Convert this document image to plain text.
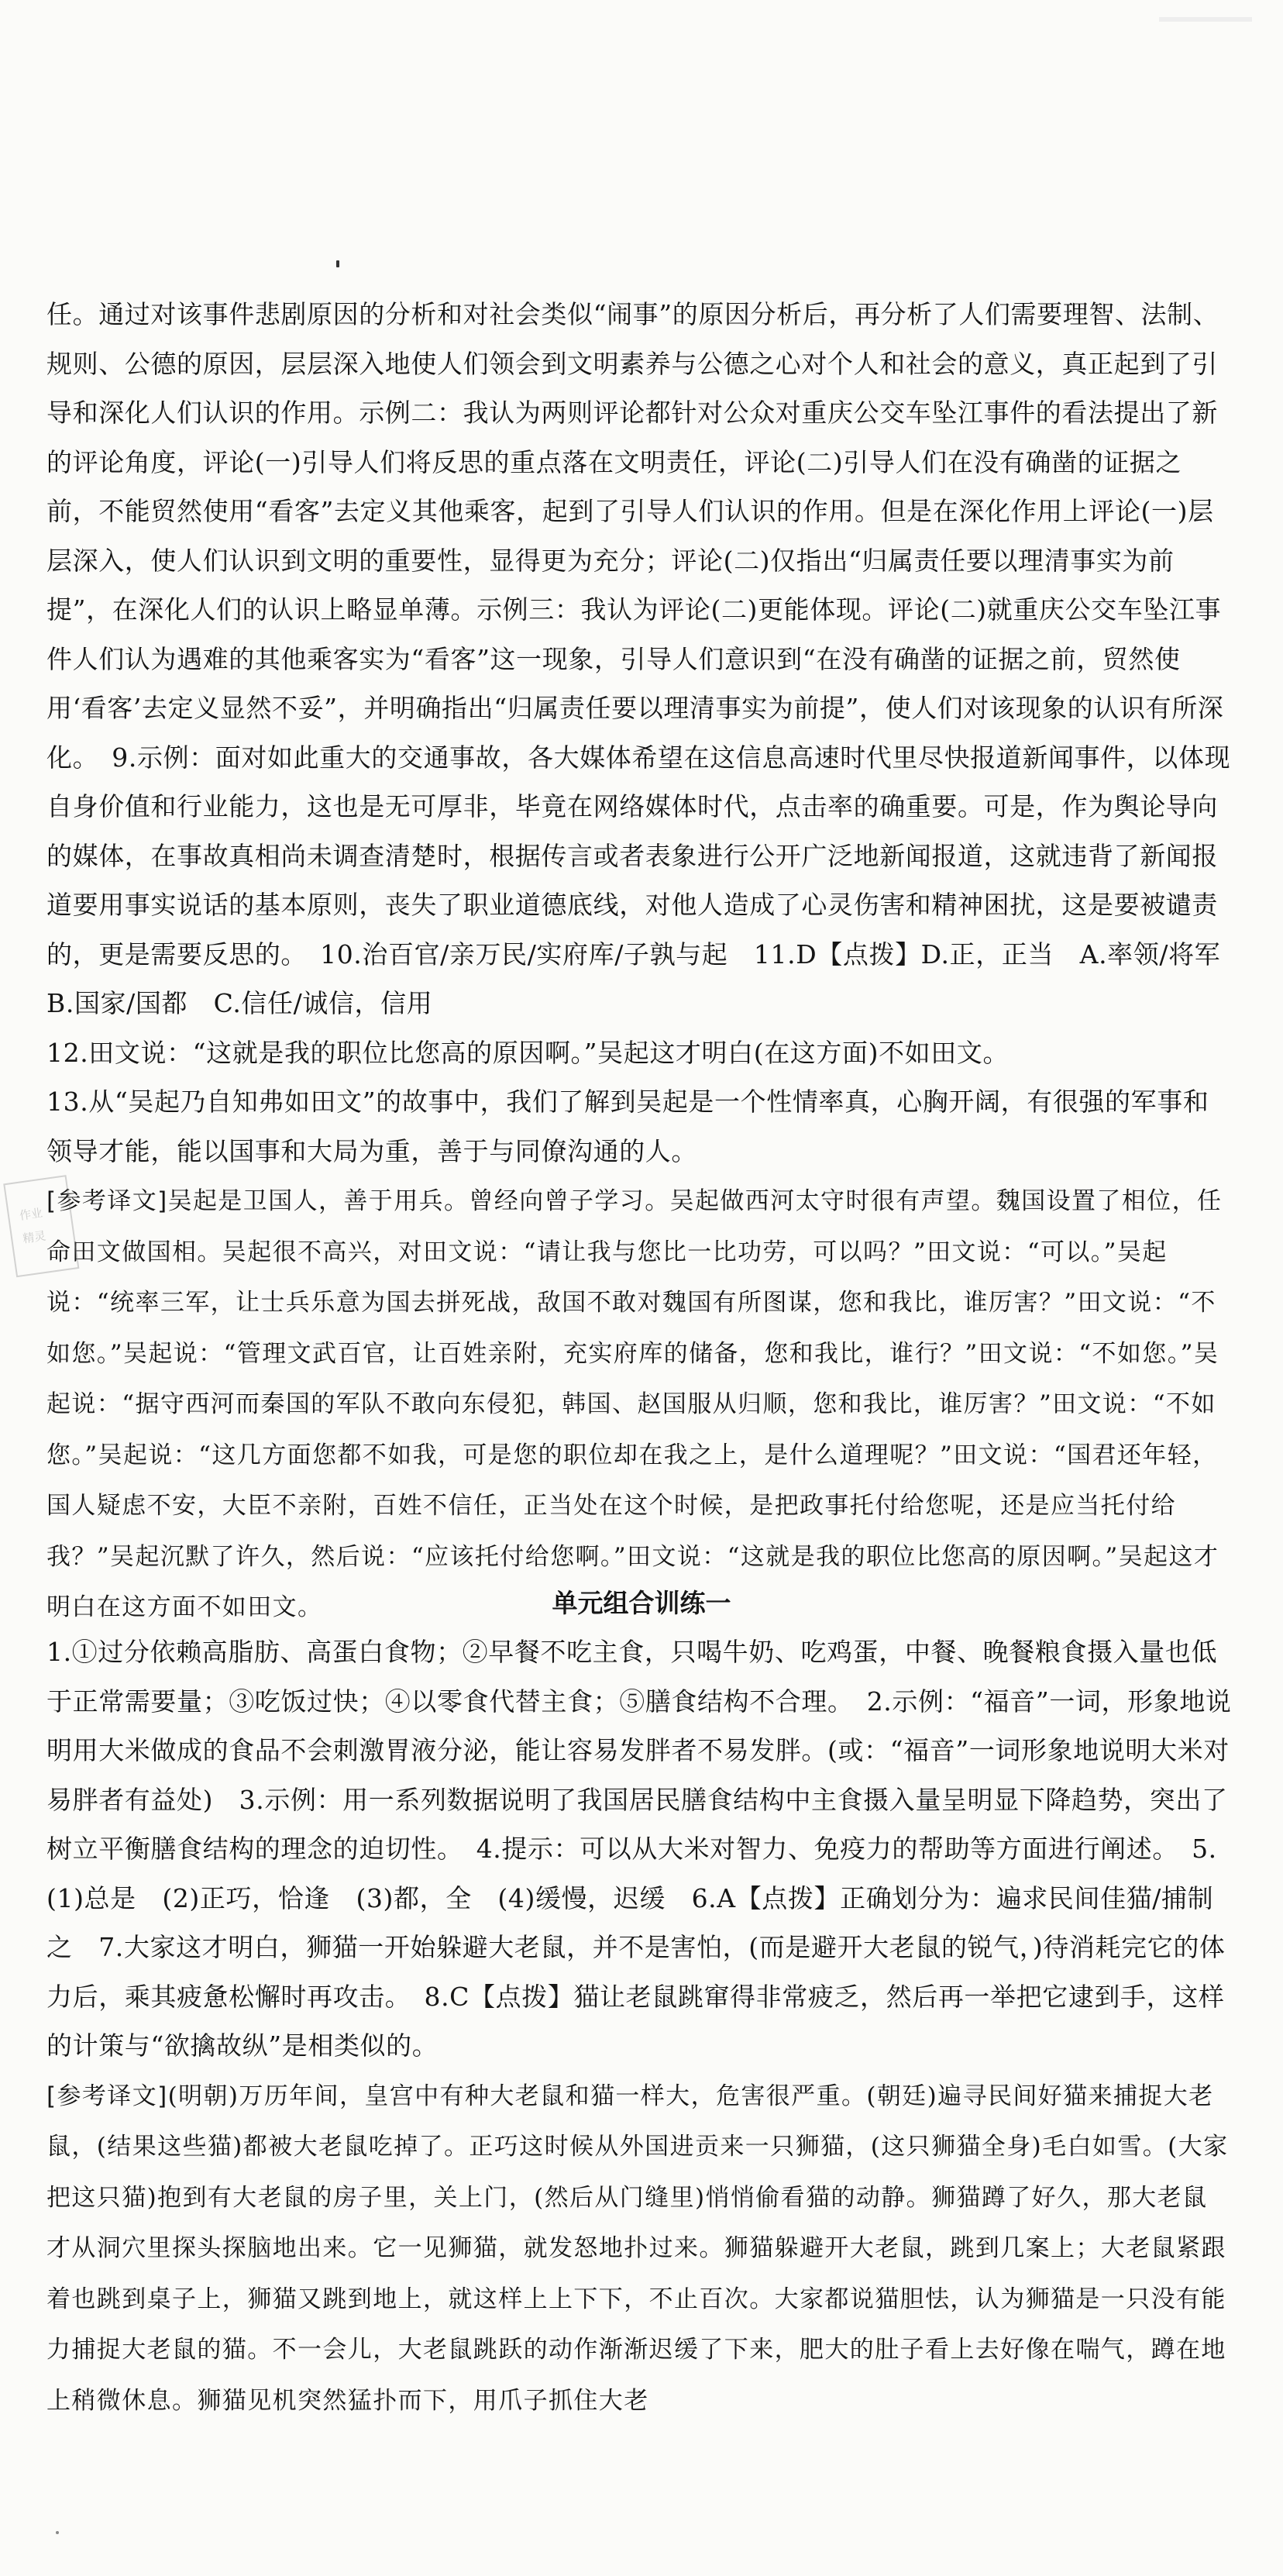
任。通过对该事件悲剧原因的分析和对社会类似“闹事”的原因分析后，再分析了人们需要理智、法制、规则、公德的原因，层层深入地使人们领会到文明素养与公德之心对个人和社会的意义，真正起到了引导和深化人们认识的作用。示例二：我认为两则评论都针对公众对重庆公交车坠江事件的看法提出了新的评论角度，评论(一)引导人们将反思的重点落在文明责任，评论(二)引导人们在没有确凿的证据之前，不能贸然使用“看客”去定义其他乘客，起到了引导人们认识的作用。但是在深化作用上评论(一)层层深入，使人们认识到文明的重要性，显得更为充分；评论(二)仅指出“归属责任要以理清事实为前提”，在深化人们的认识上略显单薄。示例三：我认为评论(二)更能体现。评论(二)就重庆公交车坠江事件人们认为遇难的其他乘客实为“看客”这一现象，引导人们意识到“在没有确凿的证据之前，贸然使用‘看客’去定义显然不妥”，并明确指出“归属责任要以理清事实为前提”，使人们对该现象的认识有所深化。　9.示例：面对如此重大的交通事故，各大媒体希望在这信息高速时代里尽快报道新闻事件，以体现自身价值和行业能力，这也是无可厚非，毕竟在网络媒体时代，点击率的确重要。可是，作为舆论导向的媒体，在事故真相尚未调查清楚时，根据传言或者表象进行公开广泛地新闻报道，这就违背了新闻报道要用事实说话的基本原则，丧失了职业道德底线，对他人造成了心灵伤害和精神困扰，这是要被谴责的，更是需要反思的。　10.治百官/亲万民/实府库/子孰与起　11.D【点拨】D.正，正当　A.率领/将军　B.国家/国都　C.信任/诚信，信用
12.田文说：“这就是我的职位比您高的原因啊。”吴起这才明白(在这方面)不如田文。
13.从“吴起乃自知弗如田文”的故事中，我们了解到吴起是一个性情率真，心胸开阔，有很强的军事和领导才能，能以国事和大局为重，善于与同僚沟通的人。
[参考译文]吴起是卫国人，善于用兵。曾经向曾子学习。吴起做西河太守时很有声望。魏国设置了相位，任命田文做国相。吴起很不高兴，对田文说：“请让我与您比一比功劳，可以吗？”田文说：“可以。”吴起说：“统率三军，让士兵乐意为国去拼死战，敌国不敢对魏国有所图谋，您和我比，谁厉害？”田文说：“不如您。”吴起说：“管理文武百官，让百姓亲附，充实府库的储备，您和我比，谁行？”田文说：“不如您。”吴起说：“据守西河而秦国的军队不敢向东侵犯，韩国、赵国服从归顺，您和我比，谁厉害？”田文说：“不如您。”吴起说：“这几方面您都不如我，可是您的职位却在我之上，是什么道理呢？”田文说：“国君还年轻，国人疑虑不安，大臣不亲附，百姓不信任，正当处在这个时候，是把政事托付给您呢，还是应当托付给我？”吴起沉默了许久，然后说：“应该托付给您啊。”田文说：“这就是我的职位比您高的原因啊。”吴起这才明白在这方面不如田文。
作业
精灵
单元组合训练一
1.①过分依赖高脂肪、高蛋白食物；②早餐不吃主食，只喝牛奶、吃鸡蛋，中餐、晚餐粮食摄入量也低于正常需要量；③吃饭过快；④以零食代替主食；⑤膳食结构不合理。　2.示例：“福音”一词，形象地说明用大米做成的食品不会刺激胃液分泌，能让容易发胖者不易发胖。(或：“福音”一词形象地说明大米对易胖者有益处)　3.示例：用一系列数据说明了我国居民膳食结构中主食摄入量呈明显下降趋势，突出了树立平衡膳食结构的理念的迫切性。　4.提示：可以从大米对智力、免疫力的帮助等方面进行阐述。　5.(1)总是　(2)正巧，恰逢　(3)都，全　(4)缓慢，迟缓　6.A【点拨】正确划分为：遍求民间佳猫/捕制之　7.大家这才明白，狮猫一开始躲避大老鼠，并不是害怕，(而是避开大老鼠的锐气，)待消耗完它的体力后，乘其疲惫松懈时再攻击。　8.C【点拨】猫让老鼠跳窜得非常疲乏，然后再一举把它逮到手，这样的计策与“欲擒故纵”是相类似的。
[参考译文](明朝)万历年间，皇宫中有种大老鼠和猫一样大，危害很严重。(朝廷)遍寻民间好猫来捕捉大老鼠，(结果这些猫)都被大老鼠吃掉了。正巧这时候从外国进贡来一只狮猫，(这只狮猫全身)毛白如雪。(大家把这只猫)抱到有大老鼠的房子里，关上门，(然后从门缝里)悄悄偷看猫的动静。狮猫蹲了好久，那大老鼠才从洞穴里探头探脑地出来。它一见狮猫，就发怒地扑过来。狮猫躲避开大老鼠，跳到几案上；大老鼠紧跟着也跳到桌子上，狮猫又跳到地上，就这样上上下下，不止百次。大家都说猫胆怯，认为狮猫是一只没有能力捕捉大老鼠的猫。不一会儿，大老鼠跳跃的动作渐渐迟缓了下来，肥大的肚子看上去好像在喘气，蹲在地上稍微休息。狮猫见机突然猛扑而下，用爪子抓住大老
